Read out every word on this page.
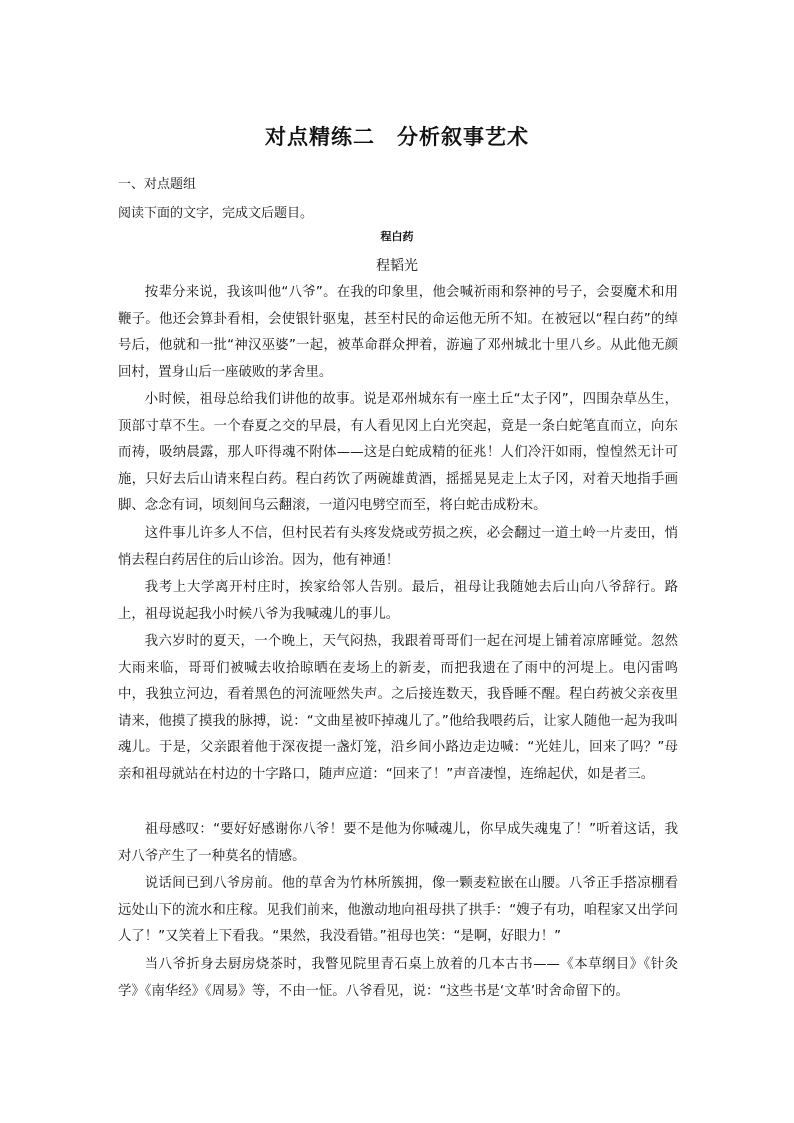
对点精练二 分析叙事艺术
一、对点题组
阅读下面的文字，完成文后题目。
程白药
程韬光

按辈分来说，我该叫他“八爷”。在我的印象里，他会喊祈雨和祭神的号子，会耍魔术和用鞭子。他还会算卦看相，会使银针驱鬼，甚至村民的命运他无所不知。在被冠以“程白药”的绰号后，他就和一批“神汉巫婆”一起，被革命群众押着，游遍了邓州城北十里八乡。从此他无颜回村，置身山后一座破败的茅舍里。

小时候，祖母总给我们讲他的故事。说是邓州城东有一座土丘“太子冈”，四围杂草丛生，顶部寸草不生。一个春夏之交的早晨，有人看见冈上白光突起，竟是一条白蛇笔直而立，向东而祷，吸纳晨露，那人吓得魂不附体——这是白蛇成精的征兆！人们冷汗如雨，惶惶然无计可施，只好去后山请来程白药。程白药饮了两碗雄黄酒，摇摇晃晃走上太子冈，对着天地指手画脚、念念有词，顷刻间乌云翻滚，一道闪电劈空而至，将白蛇击成粉末。

这件事儿许多人不信，但村民若有头疼发烧或劳损之疾，必会翻过一道土岭一片麦田，悄悄去程白药居住的后山诊治。因为，他有神通！

我考上大学离开村庄时，挨家给邻人告别。最后，祖母让我随她去后山向八爷辞行。路上，祖母说起我小时候八爷为我喊魂儿的事儿。

我六岁时的夏天，一个晚上，天气闷热，我跟着哥哥们一起在河堤上铺着凉席睡觉。忽然大雨来临，哥哥们被喊去收拾晾晒在麦场上的新麦，而把我遗在了雨中的河堤上。电闪雷鸣中，我独立河边，看着黑色的河流哑然失声。之后接连数天，我昏睡不醒。程白药被父亲夜里请来，他摸了摸我的脉搏，说：“文曲星被吓掉魂儿了。”他给我喂药后，让家人随他一起为我叫魂儿。于是，父亲跟着他于深夜提一盏灯笼，沿乡间小路边走边喊：“光娃儿，回来了吗？”母亲和祖母就站在村边的十字路口，随声应道：“回来了！”声音凄惶，连绵起伏，如是者三。

祖母感叹：“要好好感谢你八爷！要不是他为你喊魂儿，你早成失魂鬼了！”听着这话，我对八爷产生了一种莫名的情感。

说话间已到八爷房前。他的草舍为竹林所簇拥，像一颗麦粒嵌在山腰。八爷正手搭凉棚看远处山下的流水和庄稼。见我们前来，他激动地向祖母拱了拱手：“嫂子有功，咱程家又出学问人了！”又笑着上下看我。“果然，我没看错。”祖母也笑：“是啊，好眼力！”

当八爷折身去厨房烧茶时，我瞥见院里青石桌上放着的几本古书——《本草纲目》《针灸学》《南华经》《周易》等，不由一怔。八爷看见，说：“这些书是‘文革’时舍命留下的。
